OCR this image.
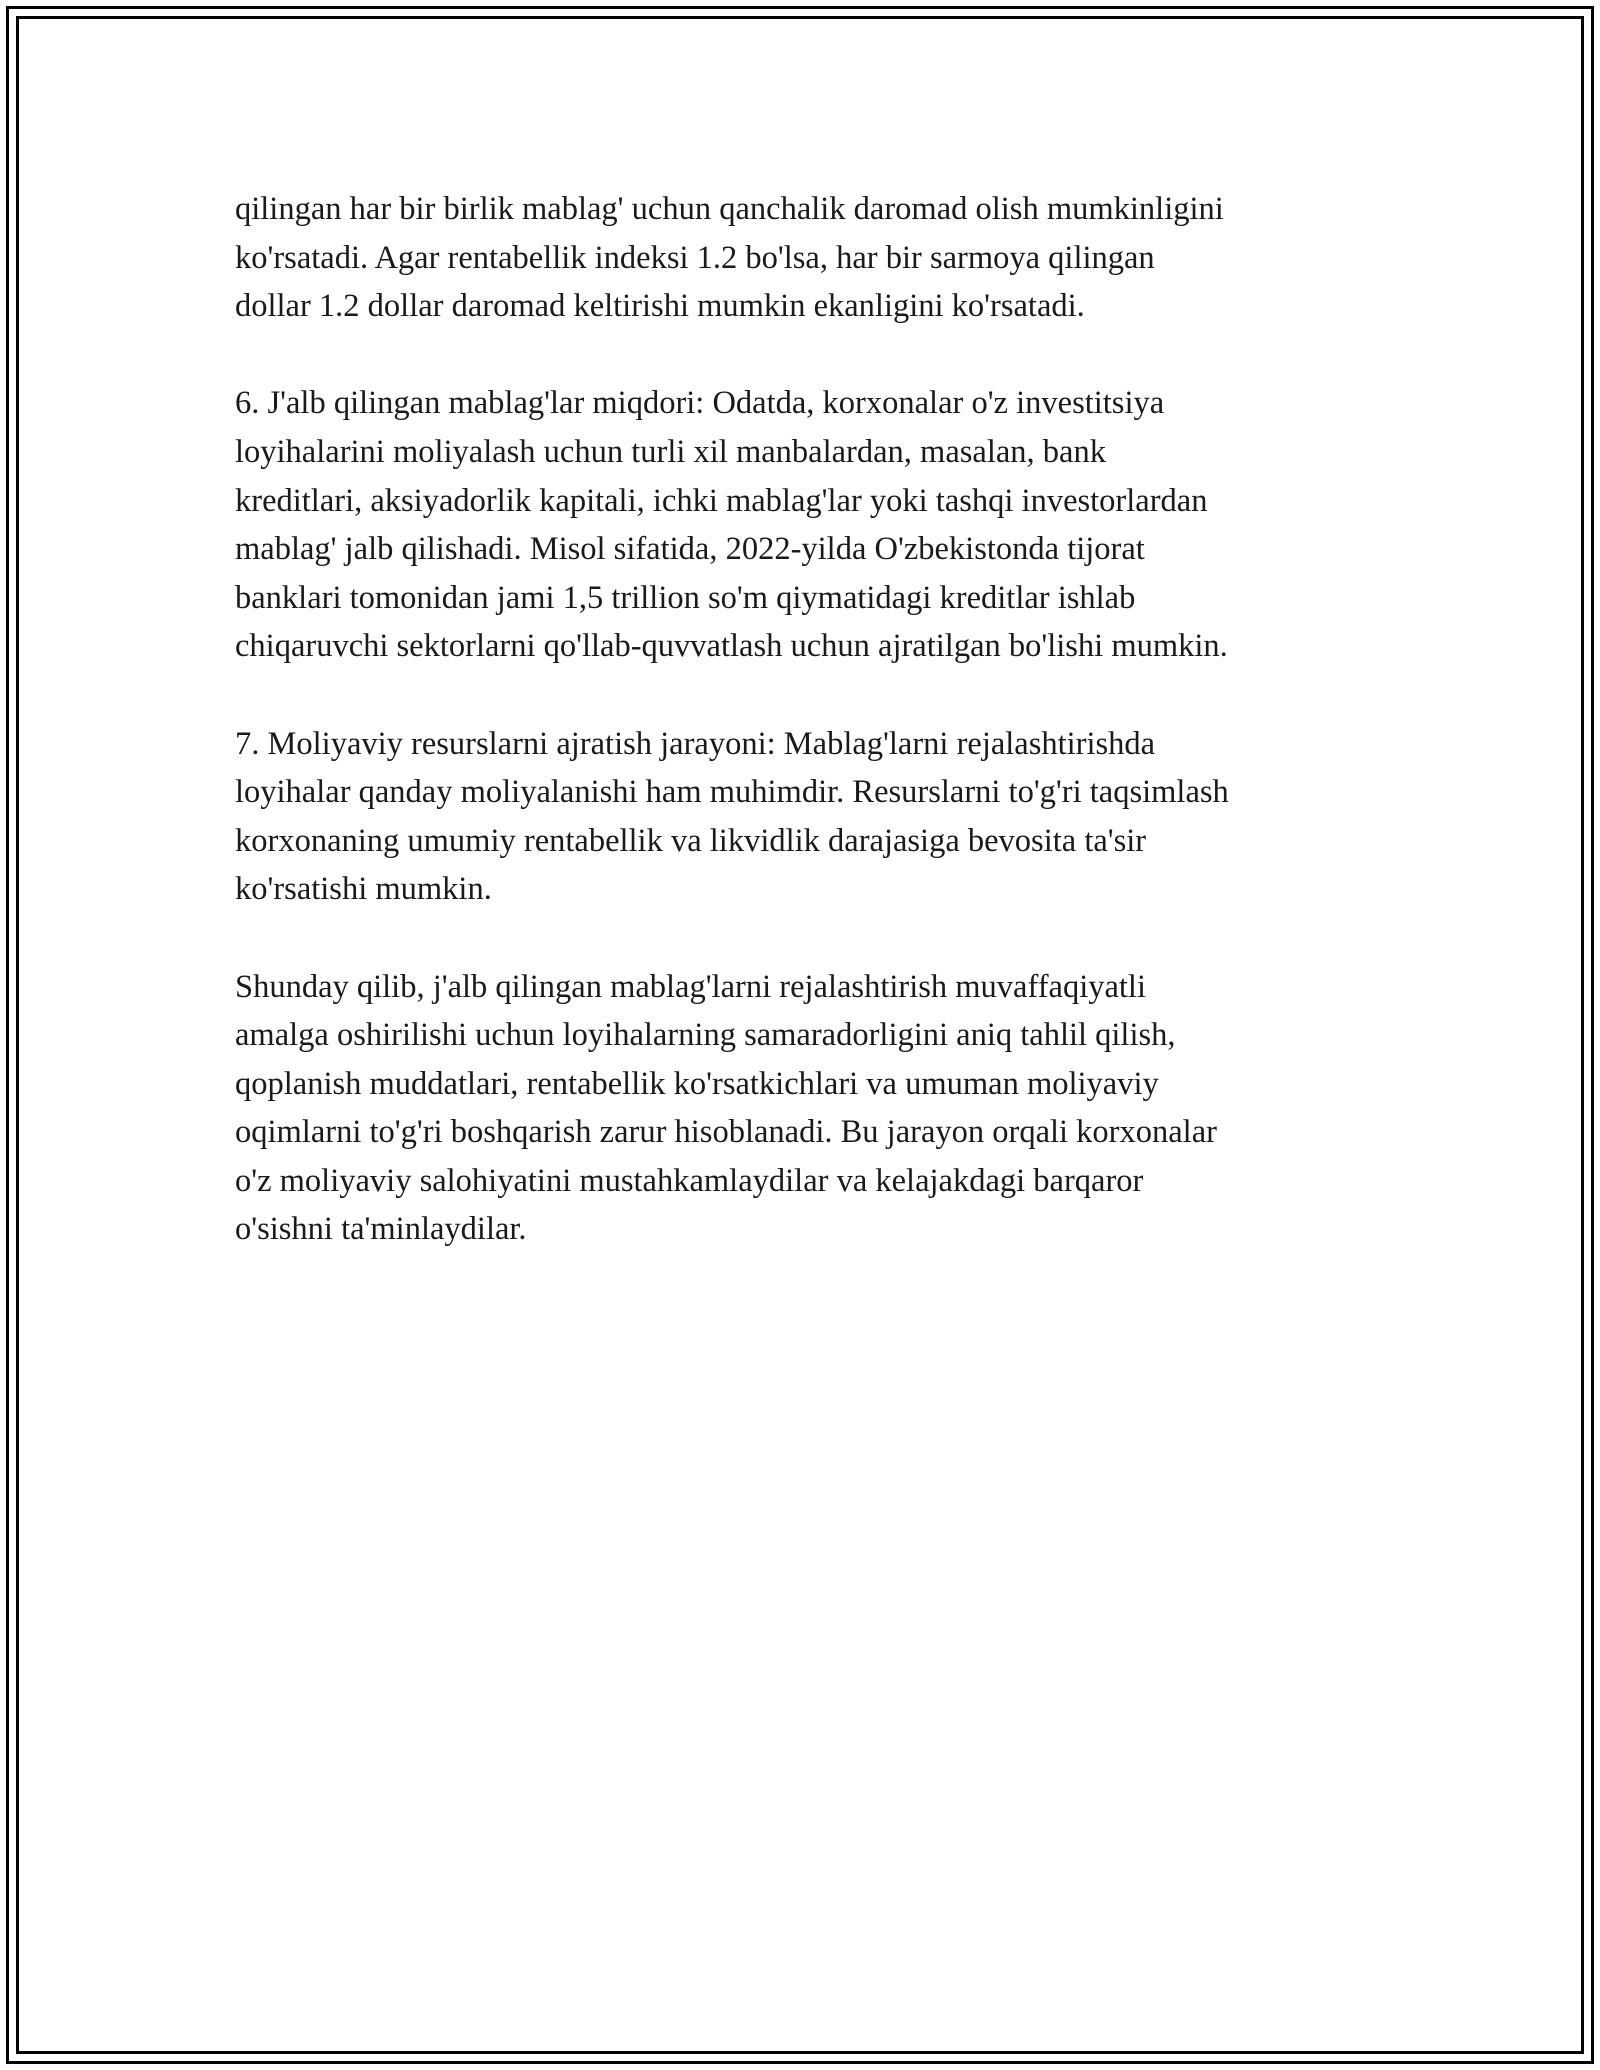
qilingan har bir birlik mablag' uchun qanchalik daromad olish mumkinligini
ko'rsatadi. Agar rentabellik indeksi 1.2 bo'lsa, har bir sarmoya qilingan
dollar 1.2 dollar daromad keltirishi mumkin ekanligini ko'rsatadi.

6. J'alb qilingan mablag'lar miqdori: Odatda, korxonalar o'z investitsiya
loyihalarini moliyalash uchun turli xil manbalardan, masalan, bank
kreditlari, aksiyadorlik kapitali, ichki mablag'lar yoki tashqi investorlardan
mablag' jalb qilishadi. Misol sifatida, 2022-yilda O'zbekistonda tijorat
banklari tomonidan jami 1,5 trillion so'm qiymatidagi kreditlar ishlab
chiqaruvchi sektorlarni qo'llab-quvvatlash uchun ajratilgan bo'lishi mumkin.

7. Moliyaviy resurslarni ajratish jarayoni: Mablag'larni rejalashtirishda
loyihalar qanday moliyalanishi ham muhimdir. Resurslarni to'g'ri taqsimlash
korxonaning umumiy rentabellik va likvidlik darajasiga bevosita ta'sir
ko'rsatishi mumkin.

Shunday qilib, j'alb qilingan mablag'larni rejalashtirish muvaffaqiyatli
amalga oshirilishi uchun loyihalarning samaradorligini aniq tahlil qilish,
qoplanish muddatlari, rentabellik ko'rsatkichlari va umuman moliyaviy
oqimlarni to'g'ri boshqarish zarur hisoblanadi. Bu jarayon orqali korxonalar
o'z moliyaviy salohiyatini mustahkamlaydilar va kelajakdagi barqaror
o'sishni ta'minlaydilar.
